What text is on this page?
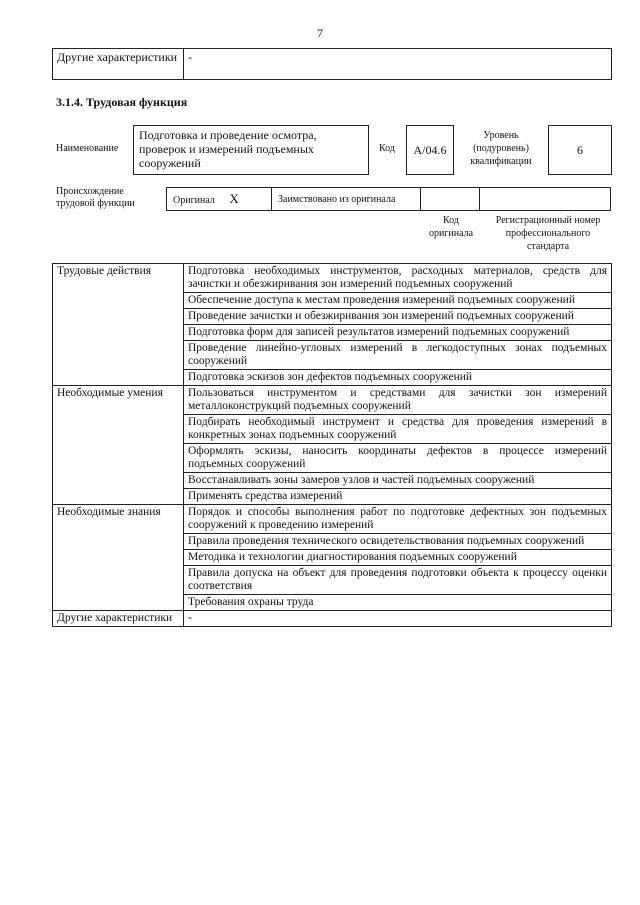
7
Другие характеристики	-
3.1.4. Трудовая функция
Наименование
Подготовка и проведение осмотра, проверок и измерений подъемных сооружений
Код	А/04.6
Уровень (подуровень) квалификации
6
Происхождение трудовой функции	Оригинал X	Заимствовано из оригинала		
Код оригинала
Регистрационный номер профессионального стандарта
Трудовые действия	Подготовка необходимых инструментов, расходных материалов, средств для зачистки и обезжиривания зон измерений подъемных сооружений
	Обеспечение доступа к местам проведения измерений подъемных сооружений
	Проведение зачистки и обезжиривания зон измерений подъемных сооружений
	Подготовка форм для записей результатов измерений подъемных сооружений
	Проведение линейно-угловых измерений в легкодоступных зонах подъемных сооружений
	Подготовка эскизов зон дефектов подъемных сооружений
Необходимые умения	Пользоваться инструментом и средствами для зачистки зон измерений металлоконструкций подъемных сооружений
	Подбирать необходимый инструмент и средства для проведения измерений в конкретных зонах подъемных сооружений
	Оформлять эскизы, наносить координаты дефектов в процессе измерений подъемных сооружений
	Восстанавливать зоны замеров узлов и частей подъемных сооружений
	Применять средства измерений
Необходимые знания	Порядок и способы выполнения работ по подготовке дефектных зон подъемных сооружений к проведению измерений
	Правила проведения технического освидетельствования подъемных сооружений
	Методика и технологии диагностирования подъемных сооружений
	Правила допуска на объект для проведения подготовки объекта к процессу оценки соответствия
	Требования охраны труда
Другие характеристики	-
